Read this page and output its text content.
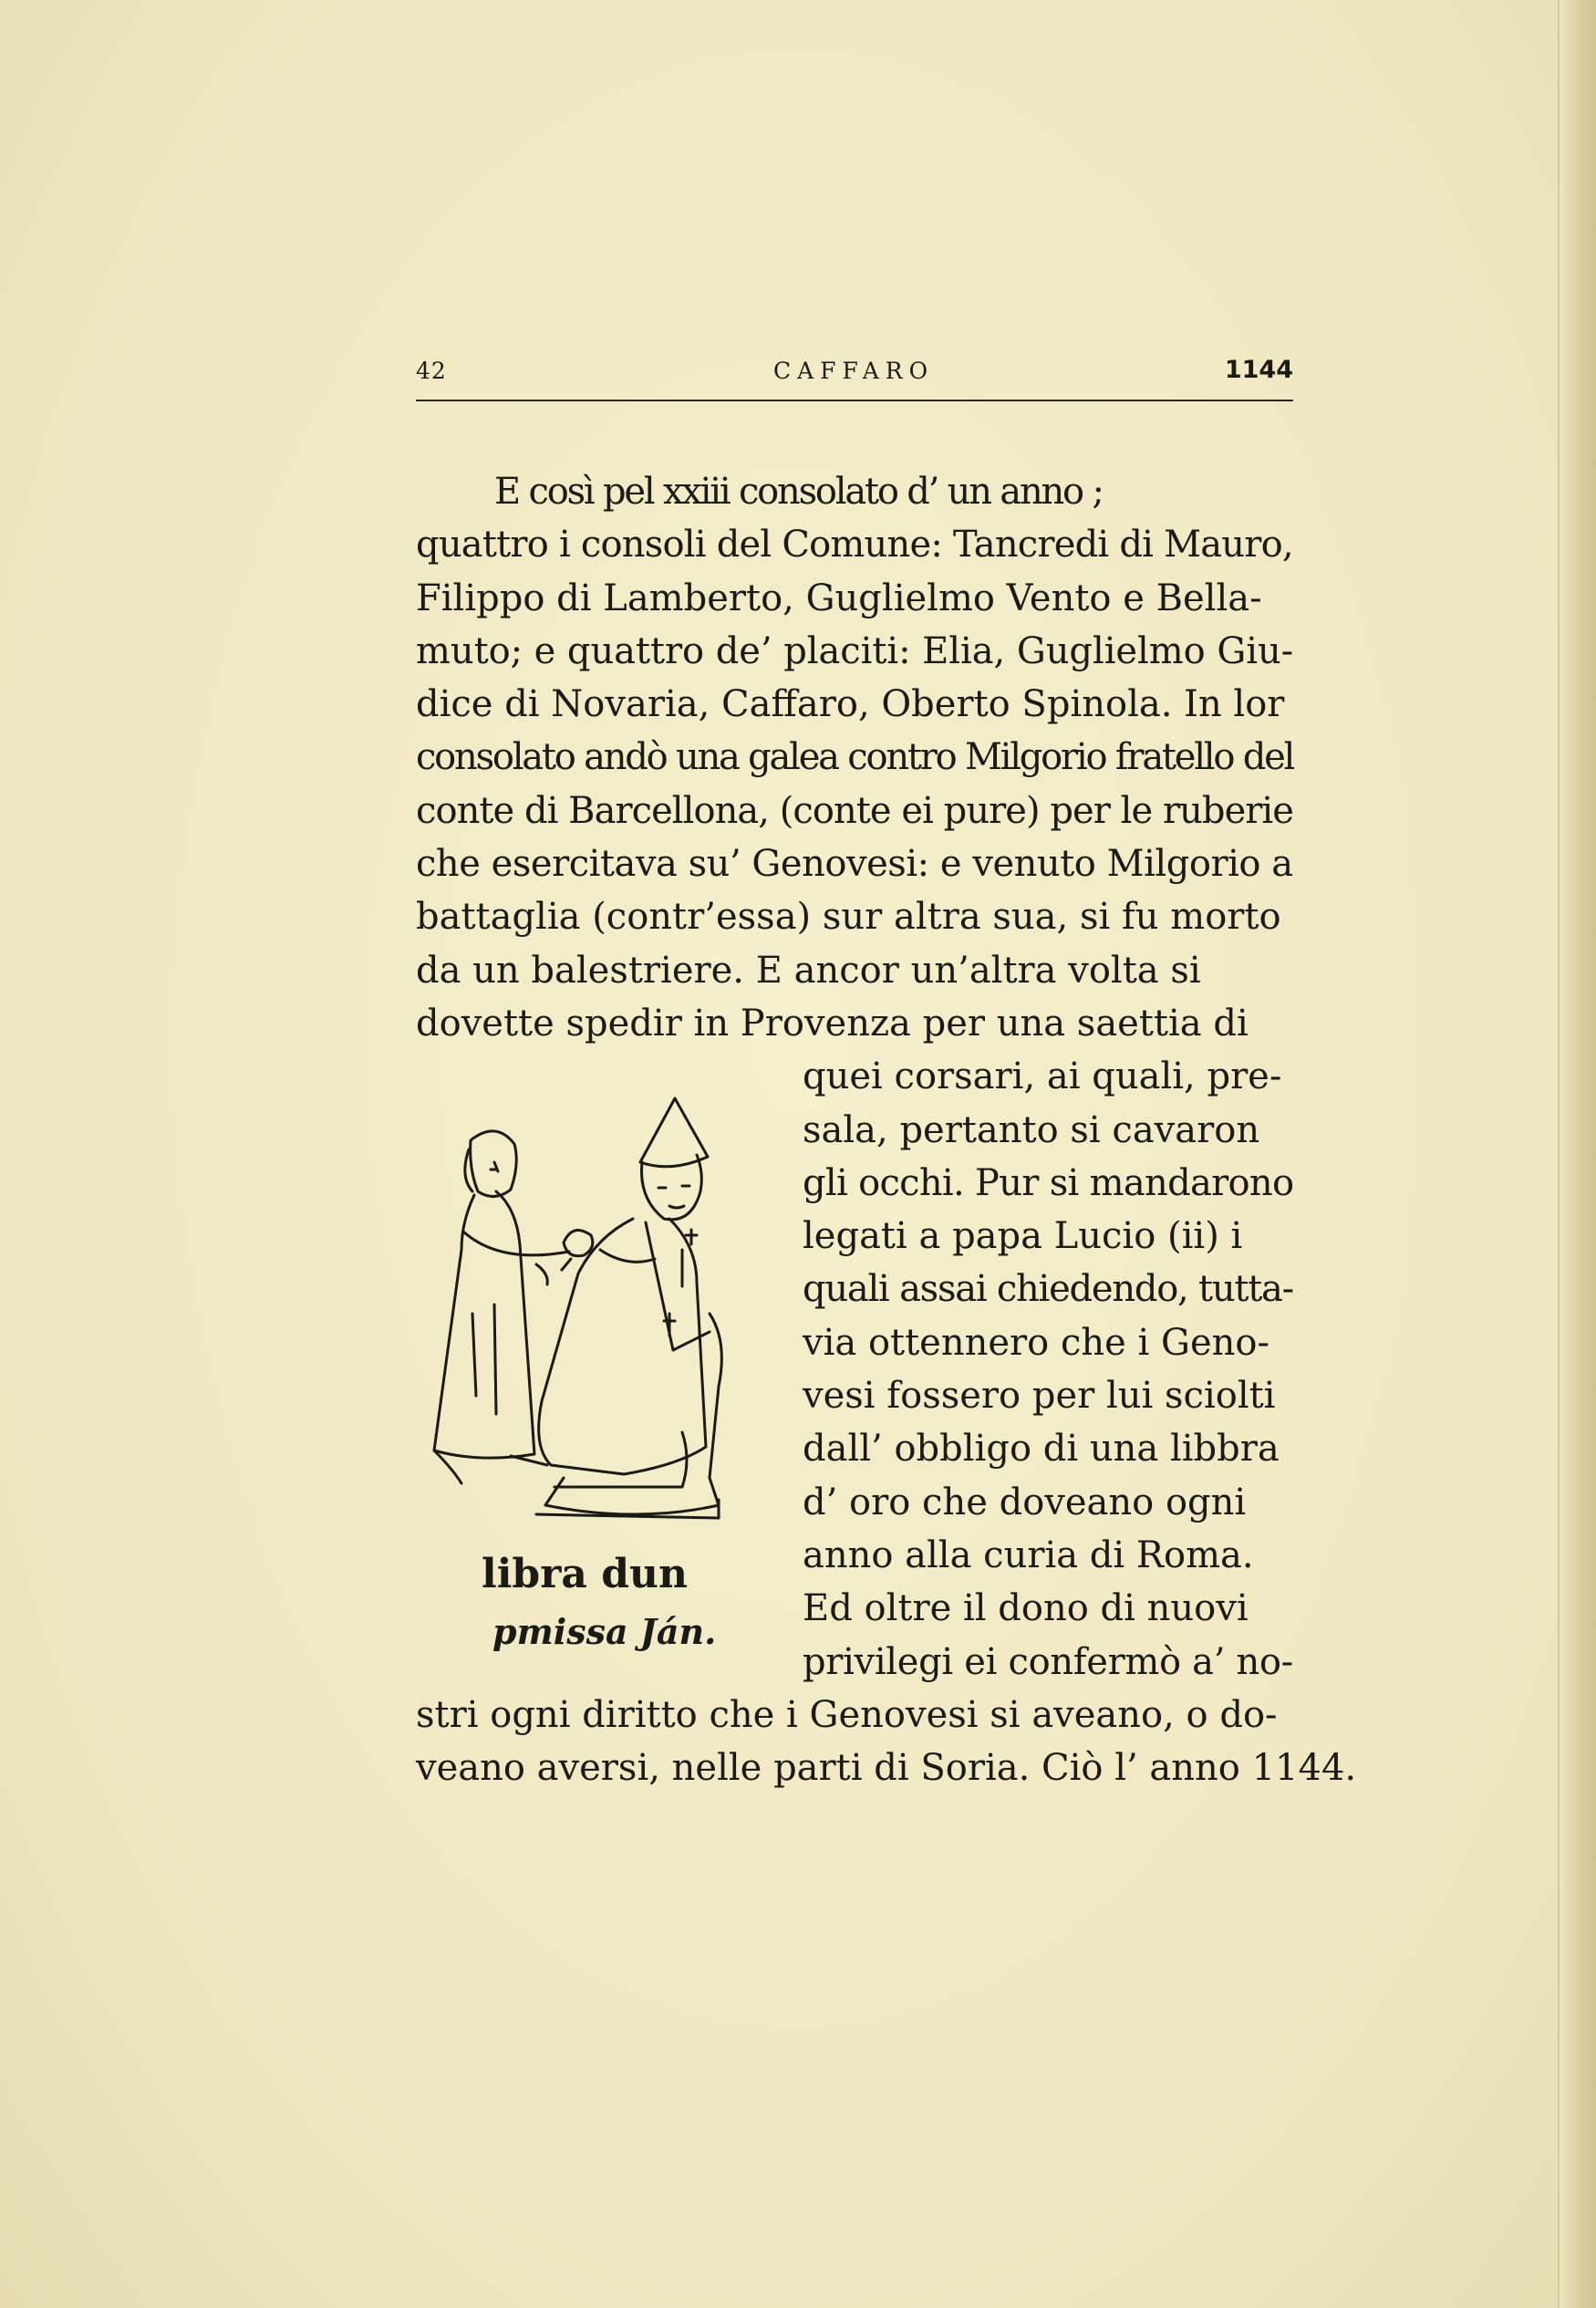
42	CAFFARO	1144
E così pel xxiii consolato d’ un anno ;
quattro i consoli del Comune: Tancredi di Mauro,
Filippo di Lamberto, Guglielmo Vento e Bella-
muto; e quattro de’ placiti: Elia, Guglielmo Giu-
dice di Novaria, Caffaro, Oberto Spinola. In lor
consolato andò una galea contro Milgorio fratello del
conte di Barcellona, (conte ei pure) per le ruberie
che esercitava su’ Genovesi: e venuto Milgorio a
battaglia (contr’essa) sur altra sua, si fu morto
da un balestriere. E ancor un’altra volta si
dovette spedir in Provenza per una saettia di
quei corsari, ai quali, pre-
sala, pertanto si cavaron
gli occhi. Pur si mandarono
legati a papa Lucio (ii) i
quali assai chiedendo, tutta-
via ottennero che i Geno-
vesi fossero per lui sciolti
dall’ obbligo di una libbra
d’ oro che doveano ogni
anno alla curia di Roma.
Ed oltre il dono di nuovi
privilegi ei confermò a’ no-
stri ogni diritto che i Genovesi si aveano, o do-
veano aversi, nelle parti di Soria. Ciò l’ anno 1144.
libra dun
pmissa Ján.
